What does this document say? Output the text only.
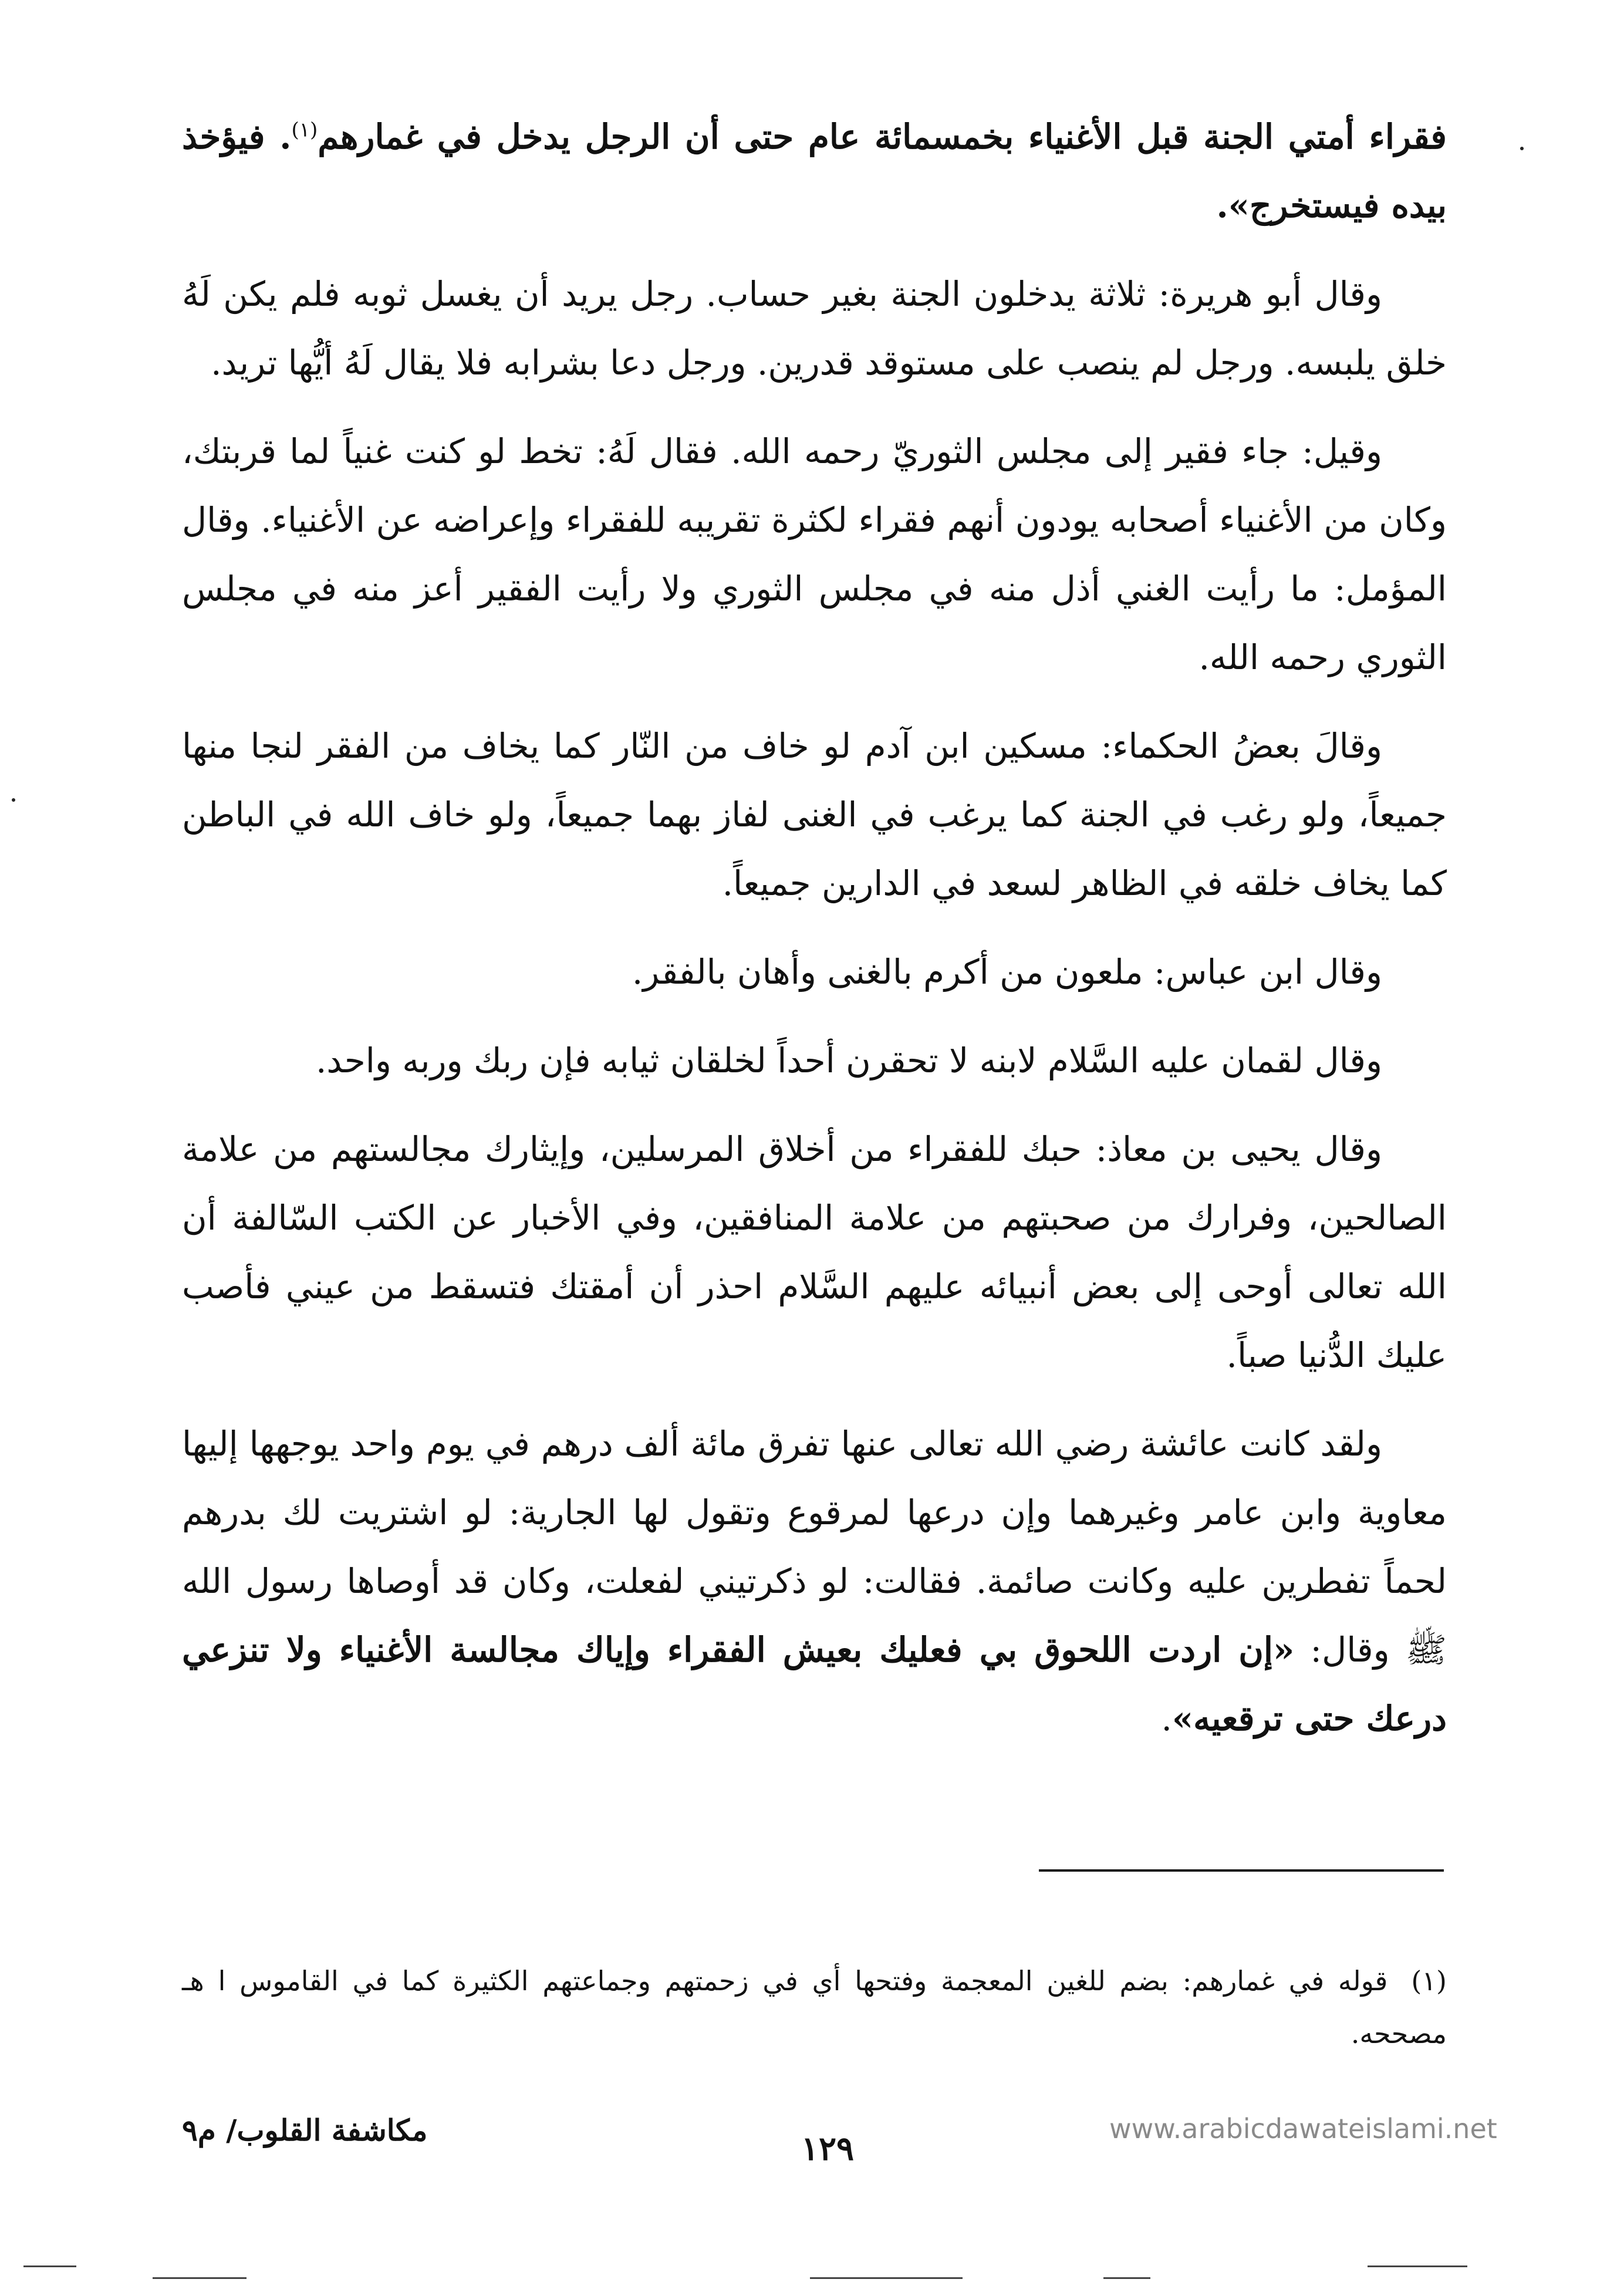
فقراء أمتي الجنة قبل الأغنياء بخمسمائة عام حتى أن الرجل يدخل في غمارهم$^{(١)}$. فيؤخذ بيده فيستخرج».

وقال أبو هريرة: ثلاثة يدخلون الجنة بغير حساب. رجل يريد أن يغسل ثوبه فلم يكن لَهُ خلق يلبسه. ورجل لم ينصب على مستوقد قدرين. ورجل دعا بشرابه فلا يقال لَهُ أيُّها تريد.

وقيل: جاء فقير إلى مجلس الثوريّ رحمه الله. فقال لَهُ: تخط لو كنت غنياً لما قربتك، وكان من الأغنياء أصحابه يودون أنهم فقراء لكثرة تقريبه للفقراء وإعراضه عن الأغنياء. وقال المؤمل: ما رأيت الغني أذل منه في مجلس الثوري ولا رأيت الفقير أعز منه في مجلس الثوري رحمه الله.

وقالَ بعضُ الحكماء: مسكين ابن آدم لو خاف من النّار كما يخاف من الفقر لنجا منها جميعاً، ولو رغب في الجنة كما يرغب في الغنى لفاز بهما جميعاً، ولو خاف الله في الباطن كما يخاف خلقه في الظاهر لسعد في الدارين جميعاً.

وقال ابن عباس: ملعون من أكرم بالغنى وأهان بالفقر.

وقال لقمان عليه السَّلام لابنه لا تحقرن أحداً لخلقان ثيابه فإن ربك وربه واحد.

وقال يحيى بن معاذ: حبك للفقراء من أخلاق المرسلين، وإيثارك مجالستهم من علامة الصالحين، وفرارك من صحبتهم من علامة المنافقين، وفي الأخبار عن الكتب السّالفة أن الله تعالى أوحى إلى بعض أنبيائه عليهم السَّلام احذر أن أمقتك فتسقط من عيني فأصب عليك الدُّنيا صباً.

ولقد كانت عائشة رضي الله تعالى عنها تفرق مائة ألف درهم في يوم واحد يوجهها إليها معاوية وابن عامر وغيرهما وإن درعها لمرقوع وتقول لها الجارية: لو اشتريت لك بدرهم لحماً تفطرين عليه وكانت صائمة. فقالت: لو ذكرتيني لفعلت، وكان قد أوصاها رسول الله ﷺ وقال: «إن اردت اللحوق بي فعليك بعيش الفقراء وإياك مجالسة الأغنياء ولا تنزعي درعك حتى ترقعيه».

(١)قوله في غمارهم: بضم للغين المعجمة وفتحها أي في زحمتهم وجماعتهم الكثيرة كما في القاموس ا هـ مصححه.
مكاشفة القلوب/ م٩	١٢٩
www.arabicdawateislami.net
